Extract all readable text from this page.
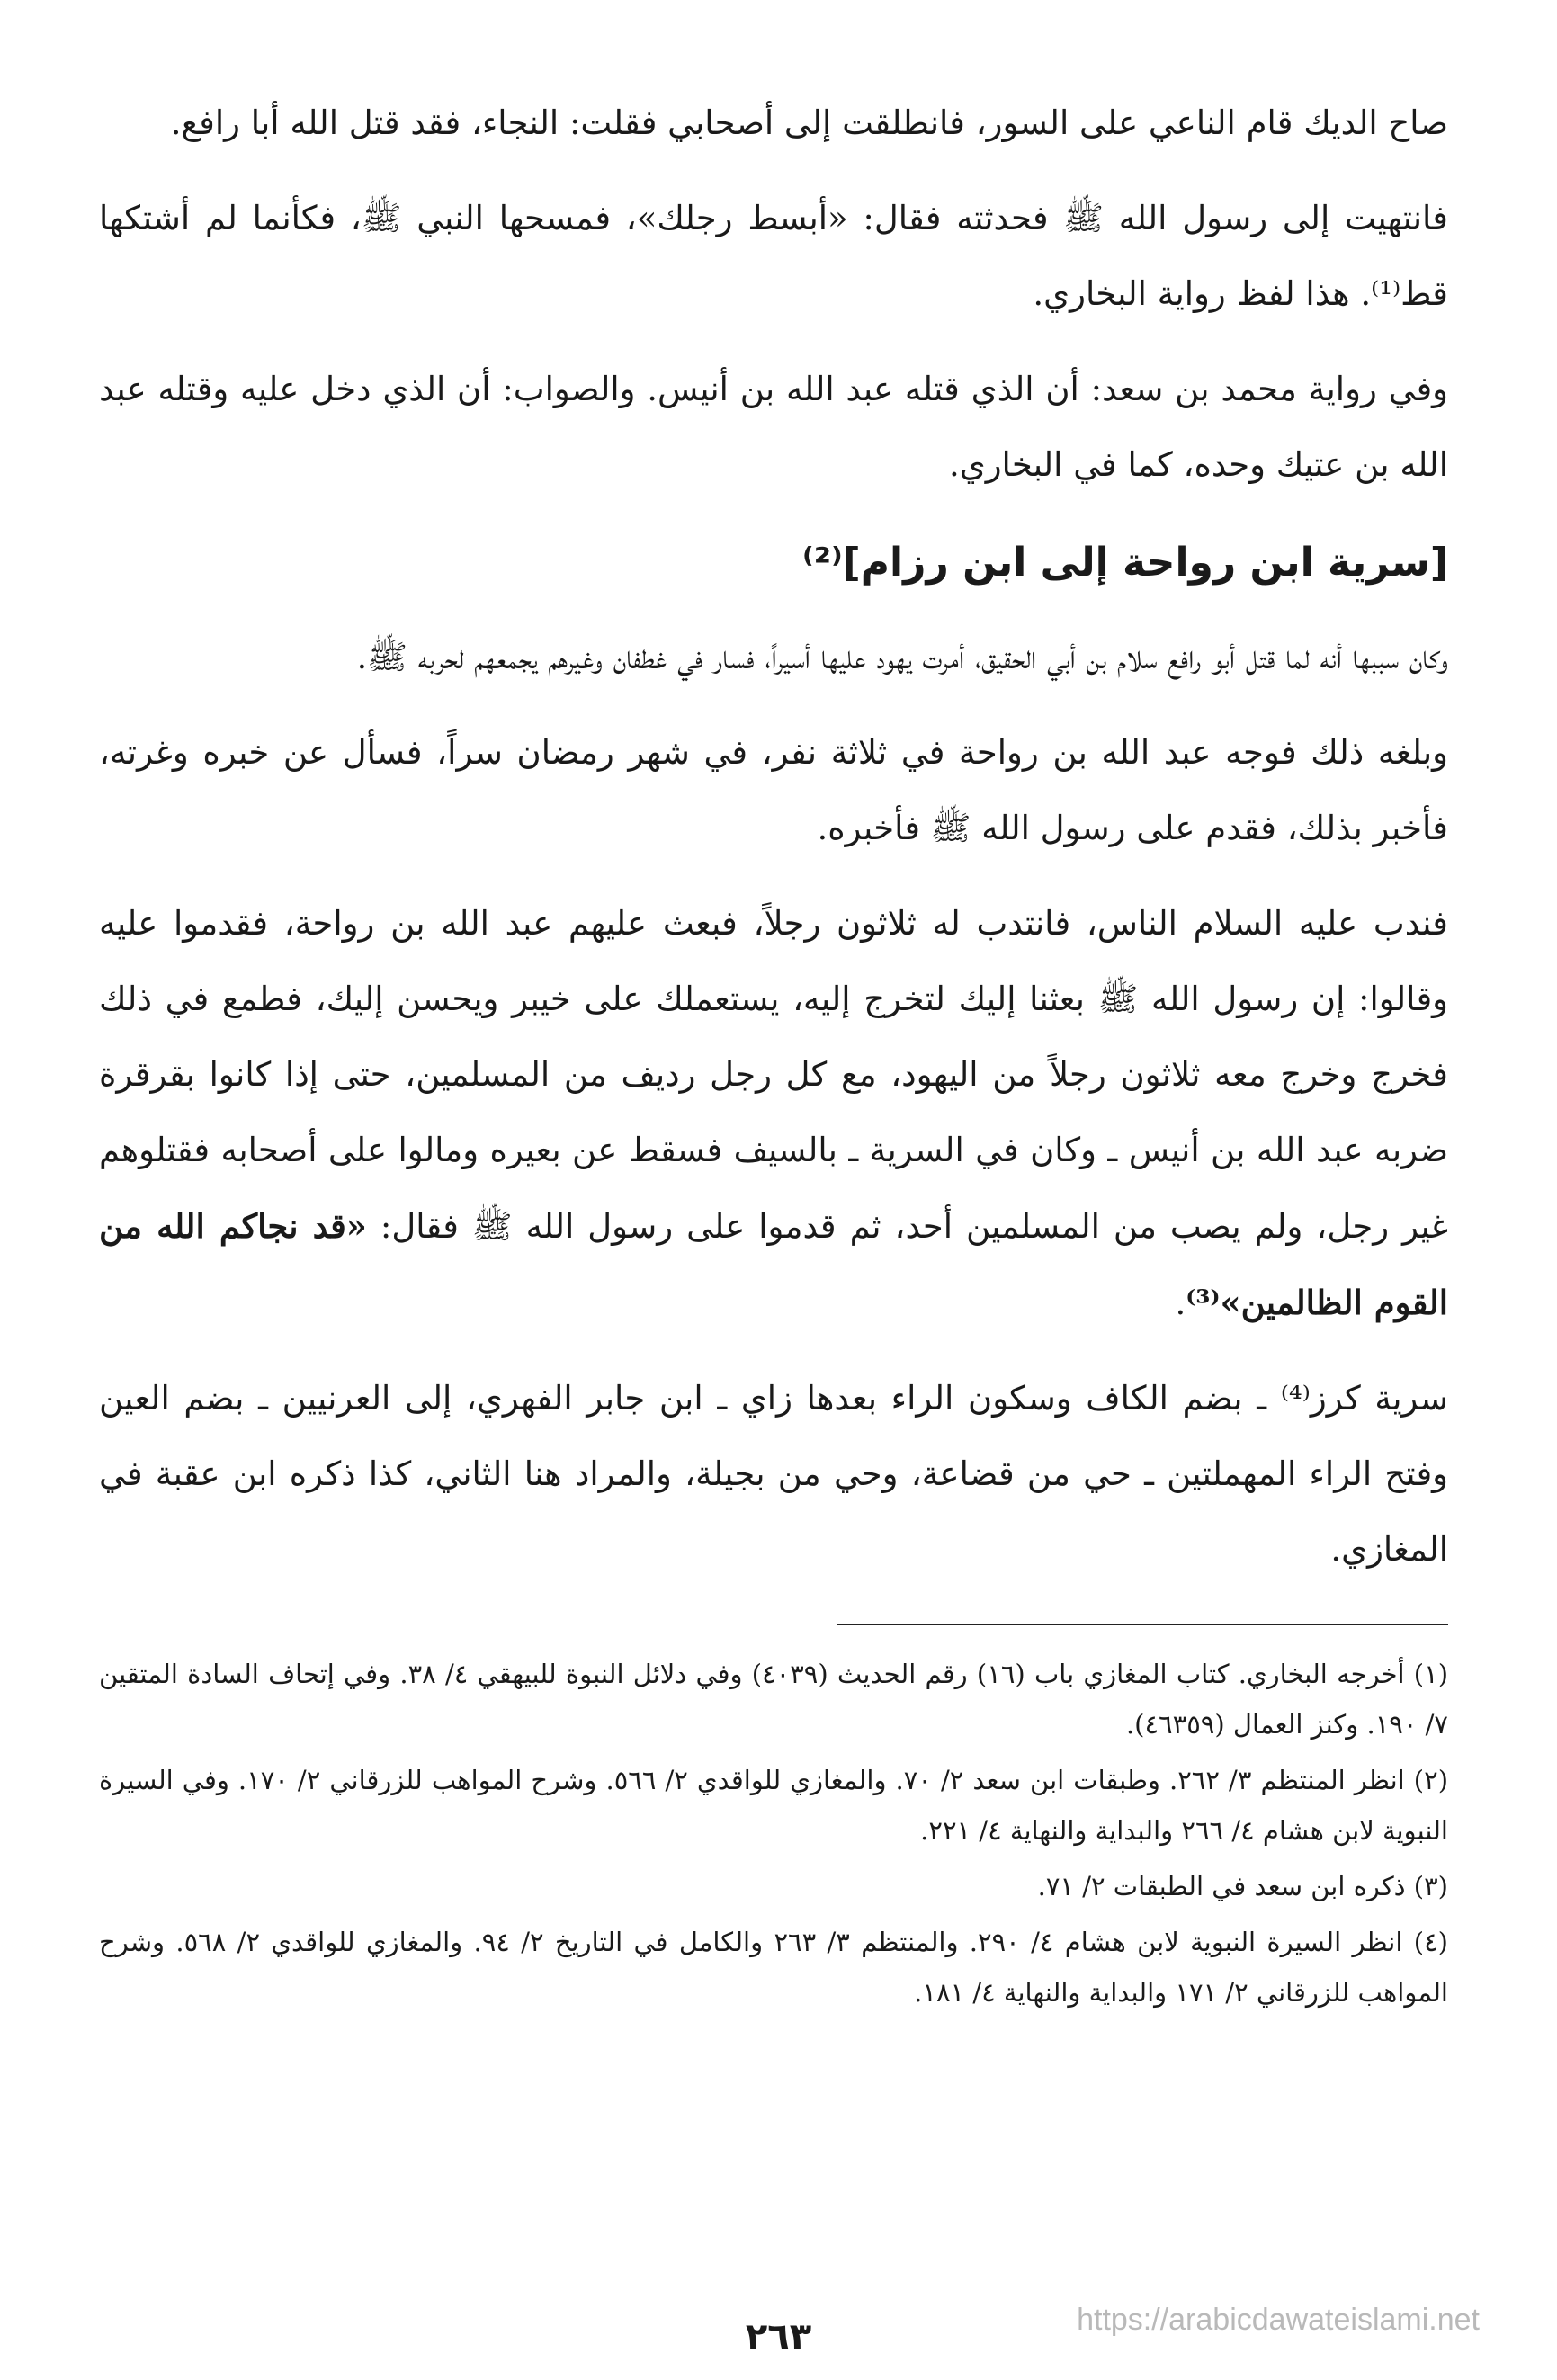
صاح الديك قام الناعي على السور، فانطلقت إلى أصحابي فقلت: النجاء، فقد قتل الله أبا رافع.

فانتهيت إلى رسول الله ﷺ فحدثته فقال: «أبسط رجلك»، فمسحها النبي ﷺ، فكأنما لم أشتكها قط⁽¹⁾. هذا لفظ رواية البخاري.

وفي رواية محمد بن سعد: أن الذي قتله عبد الله بن أنيس. والصواب: أن الذي دخل عليه وقتله عبد الله بن عتيك وحده، كما في البخاري.

[سرية ابن رواحة إلى ابن رزام]⁽²⁾

وكان سببها أنه لما قتل أبو رافع سلام بن أبي الحقيق، أمرت يهود عليها أسيراً، فسار في غطفان وغيرهم يجمعهم لحربه ﷺ.

وبلغه ذلك فوجه عبد الله بن رواحة في ثلاثة نفر، في شهر رمضان سراً، فسأل عن خبره وغرته، فأخبر بذلك، فقدم على رسول الله ﷺ فأخبره.

فندب عليه السلام الناس، فانتدب له ثلاثون رجلاً، فبعث عليهم عبد الله بن رواحة، فقدموا عليه وقالوا: إن رسول الله ﷺ بعثنا إليك لتخرج إليه، يستعملك على خيبر ويحسن إليك، فطمع في ذلك فخرج وخرج معه ثلاثون رجلاً من اليهود، مع كل رجل رديف من المسلمين، حتى إذا كانوا بقرقرة ضربه عبد الله بن أنيس ـ وكان في السرية ـ بالسيف فسقط عن بعيره ومالوا على أصحابه فقتلوهم غير رجل، ولم يصب من المسلمين أحد، ثم قدموا على رسول الله ﷺ فقال: «قد نجاكم الله من القوم الظالمين»⁽³⁾.

سرية كرز⁽⁴⁾ ـ بضم الكاف وسكون الراء بعدها زاي ـ ابن جابر الفهري، إلى العرنيين ـ بضم العين وفتح الراء المهملتين ـ حي من قضاعة، وحي من بجيلة، والمراد هنا الثاني، كذا ذكره ابن عقبة في المغازي.

(١) أخرجه البخاري. كتاب المغازي باب (١٦) رقم الحديث (٤٠٣٩) وفي دلائل النبوة للبيهقي ٤/ ٣٨. وفي إتحاف السادة المتقين ٧/ ١٩٠. وكنز العمال (٤٦٣٥٩).

(٢) انظر المنتظم ٣/ ٢٦٢. وطبقات ابن سعد ٢/ ٧٠. والمغازي للواقدي ٢/ ٥٦٦. وشرح المواهب للزرقاني ٢/ ١٧٠. وفي السيرة النبوية لابن هشام ٤/ ٢٦٦ والبداية والنهاية ٤/ ٢٢١.

(٣) ذكره ابن سعد في الطبقات ٢/ ٧١.

(٤) انظر السيرة النبوية لابن هشام ٤/ ٢٩٠. والمنتظم ٣/ ٢٦٣ والكامل في التاريخ ٢/ ٩٤. والمغازي للواقدي ٢/ ٥٦٨. وشرح المواهب للزرقاني ٢/ ١٧١ والبداية والنهاية ٤/ ١٨١.

٢٦٣	https://arabicdawateislami.net
